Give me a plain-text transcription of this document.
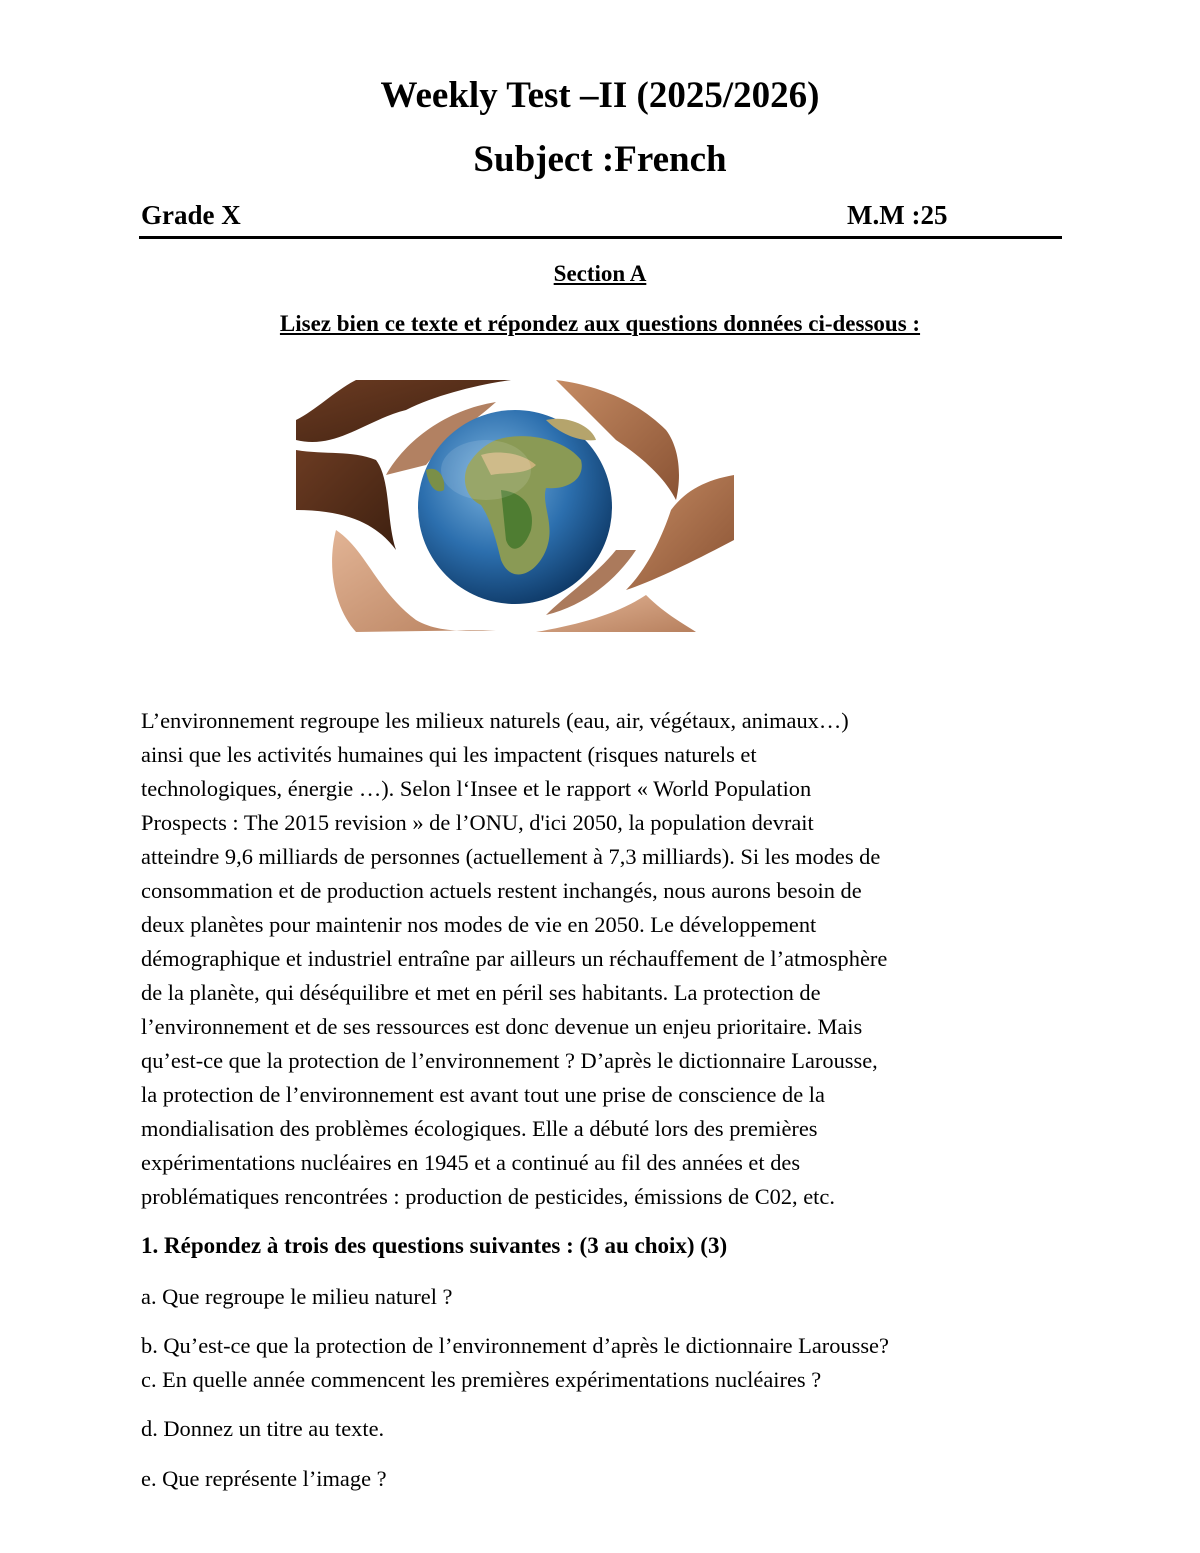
Weekly Test –II (2025/2026)
Subject :French
Grade X	M.M :25
Section A
Lisez bien ce texte et répondez aux questions données ci-dessous :
L’environnement regroupe les milieux naturels (eau, air, végétaux, animaux…)
ainsi que les activités humaines qui les impactent (risques naturels et
technologiques, énergie …). Selon l‘Insee et le rapport « World Population
Prospects : The 2015 revision » de l’ONU, d'ici 2050, la population devrait
atteindre 9,6 milliards de personnes (actuellement à 7,3 milliards). Si les modes de
consommation et de production actuels restent inchangés, nous aurons besoin de
deux planètes pour maintenir nos modes de vie en 2050. Le développement
démographique et industriel entraîne par ailleurs un réchauffement de l’atmosphère
de la planète, qui déséquilibre et met en péril ses habitants. La protection de
l’environnement et de ses ressources est donc devenue un enjeu prioritaire. Mais
qu’est-ce que la protection de l’environnement ? D’après le dictionnaire Larousse,
la protection de l’environnement est avant tout une prise de conscience de la
mondialisation des problèmes écologiques. Elle a débuté lors des premières
expérimentations nucléaires en 1945 et a continué au fil des années et des
problématiques rencontrées : production de pesticides, émissions de C02, etc.
1. Répondez à trois des questions suivantes : (3 au choix) (3)
a. Que regroupe le milieu naturel ?
b. Qu’est-ce que la protection de l’environnement d’après le dictionnaire Larousse?
c. En quelle année commencent les premières expérimentations nucléaires ?
d. Donnez un titre au texte.
e. Que représente l’image ?
